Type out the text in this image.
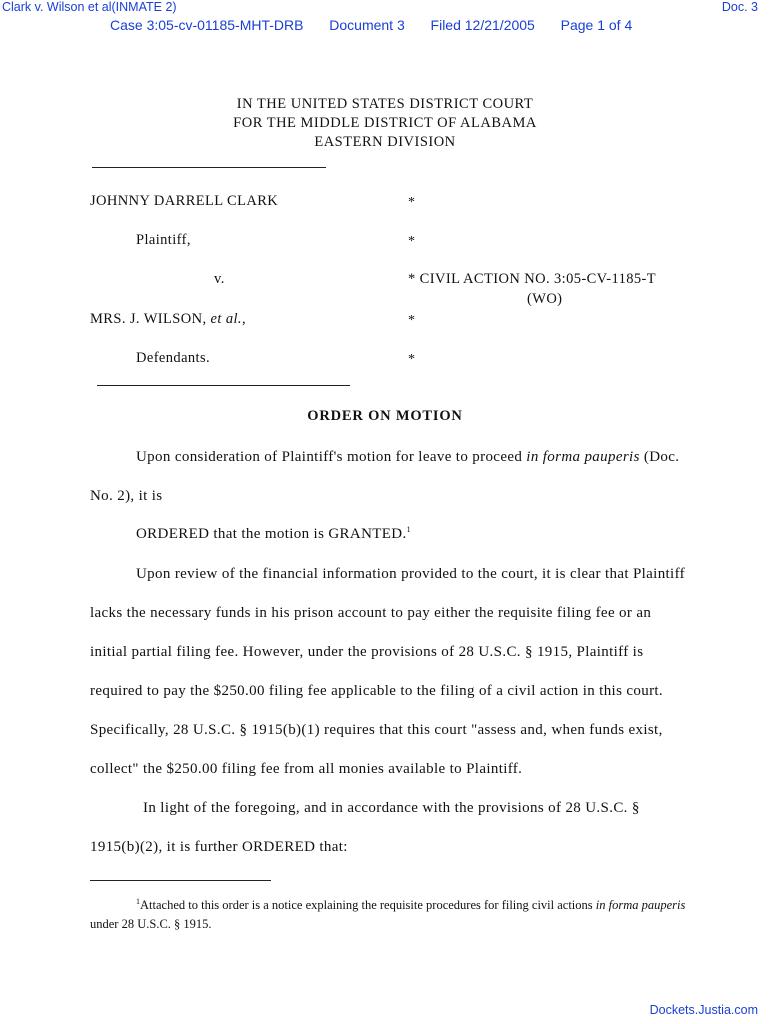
Clark v. Wilson et al(INMATE 2)	Doc. 3
Case 3:05-cv-01185-MHT-DRB Document 3 Filed 12/21/2005 Page 1 of 4
IN THE UNITED STATES DISTRICT COURT
FOR THE MIDDLE DISTRICT OF ALABAMA
EASTERN DIVISION
JOHNNY DARRELL CLARK	*
Plaintiff,	*
v.	* CIVIL ACTION NO. 3:05-CV-1185-T
(WO)
MRS. J. WILSON, et al.,	*
Defendants.	*
ORDER ON MOTION
Upon consideration of Plaintiff's motion for leave to proceed in forma pauperis (Doc.
No. 2), it is
ORDERED that the motion is GRANTED.$^1$
Upon review of the financial information provided to the court, it is clear that Plaintiff
lacks the necessary funds in his prison account to pay either the requisite filing fee or an
initial partial filing fee. However, under the provisions of 28 U.S.C. § 1915, Plaintiff is
required to pay the $250.00 filing fee applicable to the filing of a civil action in this court.
Specifically, 28 U.S.C. § 1915(b)(1) requires that this court "assess and, when funds exist,
collect" the $250.00 filing fee from all monies available to Plaintiff.
In light of the foregoing, and in accordance with the provisions of 28 U.S.C. §
1915(b)(2), it is further ORDERED that:
$^1$Attached to this order is a notice explaining the requisite procedures for filing civil actions in forma pauperis under 28 U.S.C. § 1915.
Dockets.Justia.com
